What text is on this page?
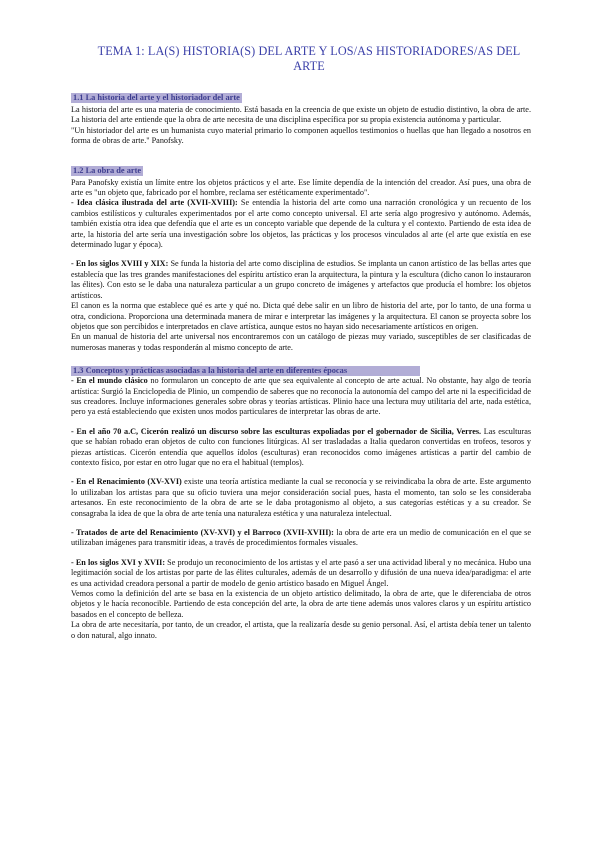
TEMA 1: LA(S) HISTORIA(S) DEL ARTE Y LOS/AS HISTORIADORES/AS DEL ARTE
1.1 La historia del arte y el historiador del arte

La historia del arte es una materia de conocimiento. Está basada en la creencia de que existe un objeto de estudio distintivo, la obra de arte. La historia del arte entiende que la obra de arte necesita de una disciplina específica por su propia existencia autónoma y particular.

"Un historiador del arte es un humanista cuyo material primario lo componen aquellos testimonios o huellas que han llegado a nosotros en forma de obras de arte." Panofsky.

1.2 La obra de arte

Para Panofsky existía un límite entre los objetos prácticos y el arte. Ese límite dependía de la intención del creador. Así pues, una obra de arte es "un objeto que, fabricado por el hombre, reclama ser estéticamente experimentado".

- Idea clásica ilustrada del arte (XVII-XVIII): Se entendía la historia del arte como una narración cronológica y un recuento de los cambios estilísticos y culturales experimentados por el arte como concepto universal. El arte sería algo progresivo y autónomo. Además, también existía otra idea que defendía que el arte es un concepto variable que depende de la cultura y el contexto. Partiendo de esta idea de arte, la historia del arte sería una investigación sobre los objetos, las prácticas y los procesos vinculados al arte (el arte que existía en ese determinado lugar y época).

- En los siglos XVIII y XIX: Se funda la historia del arte como disciplina de estudios. Se implanta un canon artístico de las bellas artes que establecía que las tres grandes manifestaciones del espíritu artístico eran la arquitectura, la pintura y la escultura (dicho canon lo instauraron las élites). Con esto se le daba una naturaleza particular a un grupo concreto de imágenes y artefactos que producía el hombre: los objetos artísticos.

El canon es la norma que establece qué es arte y qué no. Dicta qué debe salir en un libro de historia del arte, por lo tanto, de una forma u otra, condiciona. Proporciona una determinada manera de mirar e interpretar las imágenes y la arquitectura. El canon se proyecta sobre los objetos que son percibidos e interpretados en clave artística, aunque estos no hayan sido necesariamente artísticos en origen.

En un manual de historia del arte universal nos encontraremos con un catálogo de piezas muy variado, susceptibles de ser clasificadas de numerosas maneras y todas responderán al mismo concepto de arte.

1.3 Conceptos y prácticas asociadas a la historia del arte en diferentes épocas

- En el mundo clásico no formularon un concepto de arte que sea equivalente al concepto de arte actual. No obstante, hay algo de teoría artística: Surgió la Enciclopedia de Plinio, un compendio de saberes que no reconocía la autonomía del campo del arte ni la especificidad de sus creadores. Incluye informaciones generales sobre obras y teorías artísticas. Plinio hace una lectura muy utilitaria del arte, nada estética, pero ya está estableciendo que existen unos modos particulares de interpretar las obras de arte.

- En el año 70 a.C, Cicerón realizó un discurso sobre las esculturas expoliadas por el gobernador de Sicilia, Verres. Las esculturas que se habían robado eran objetos de culto con funciones litúrgicas. Al ser trasladadas a Italia quedaron convertidas en trofeos, tesoros y piezas artísticas. Cicerón entendía que aquellos ídolos (esculturas) eran reconocidos como imágenes artísticas a partir del cambio de contexto físico, por estar en otro lugar que no era el habitual (templos).

- En el Renacimiento (XV-XVI) existe una teoría artística mediante la cual se reconocía y se reivindicaba la obra de arte. Este argumento lo utilizaban los artistas para que su oficio tuviera una mejor consideración social pues, hasta el momento, tan solo se les consideraba artesanos. En este reconocimiento de la obra de arte se le daba protagonismo al objeto, a sus categorías estéticas y a su creador. Se consagraba la idea de que la obra de arte tenía una naturaleza estética y una naturaleza intelectual.

- Tratados de arte del Renacimiento (XV-XVI) y el Barroco (XVII-XVIII): la obra de arte era un medio de comunicación en el que se utilizaban imágenes para transmitir ideas, a través de procedimientos formales visuales.

- En los siglos XVI y XVII: Se produjo un reconocimiento de los artistas y el arte pasó a ser una actividad liberal y no mecánica. Hubo una legitimación social de los artistas por parte de las élites culturales, además de un desarrollo y difusión de una nueva idea/paradigma: el arte es una actividad creadora personal a partir de modelo de genio artístico basado en Miguel Ángel.

Vemos como la definición del arte se basa en la existencia de un objeto artístico delimitado, la obra de arte, que le diferenciaba de otros objetos y le hacía reconocible. Partiendo de esta concepción del arte, la obra de arte tiene además unos valores claros y un espíritu artístico basados en el concepto de belleza.

La obra de arte necesitaría, por tanto, de un creador, el artista, que la realizaría desde su genio personal. Así, el artista debía tener un talento o don natural, algo innato.
